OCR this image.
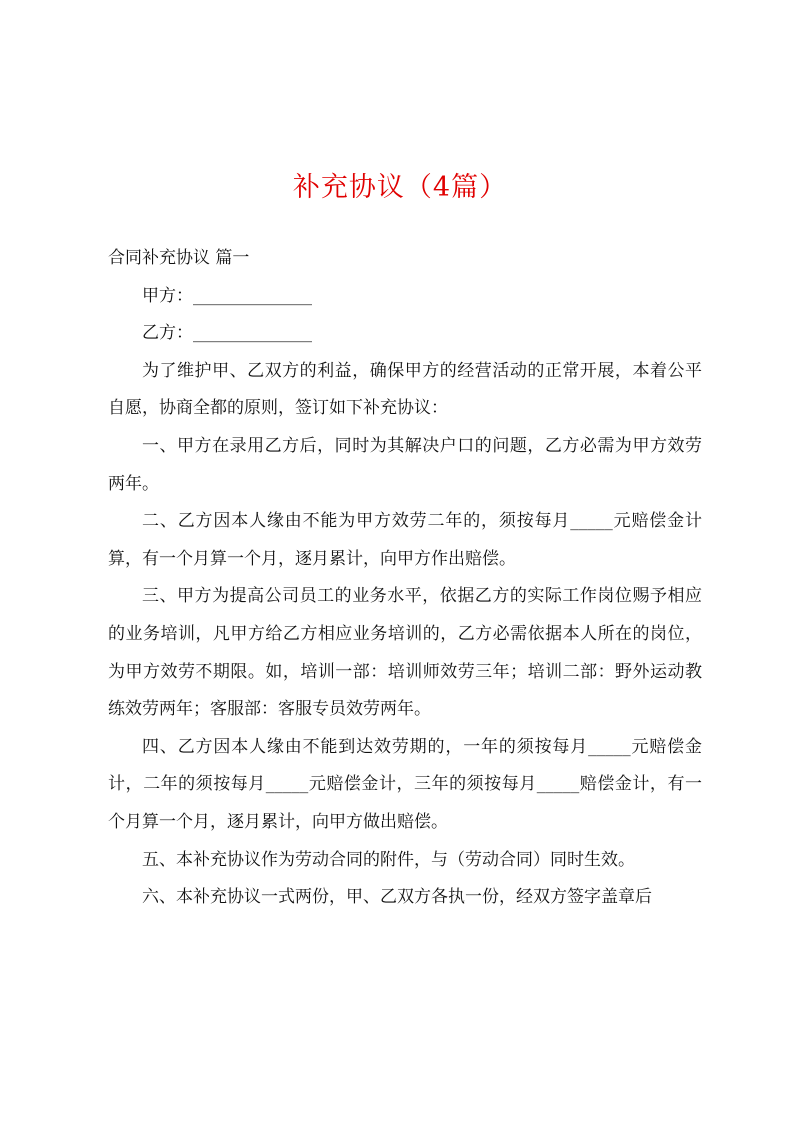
补充协议（4篇）

合同补充协议 篇一

甲方：______________

乙方：______________

为了维护甲、乙双方的利益，确保甲方的经营活动的正常开展，本着公平自愿，协商全都的原则，签订如下补充协议：

一、甲方在录用乙方后，同时为其解决户口的问题，乙方必需为甲方效劳两年。

二、乙方因本人缘由不能为甲方效劳二年的，须按每月_____元赔偿金计算，有一个月算一个月，逐月累计，向甲方作出赔偿。

三、甲方为提高公司员工的业务水平，依据乙方的实际工作岗位赐予相应的业务培训，凡甲方给乙方相应业务培训的，乙方必需依据本人所在的岗位，为甲方效劳不期限。如，培训一部：培训师效劳三年；培训二部：野外运动教练效劳两年；客服部：客服专员效劳两年。

四、乙方因本人缘由不能到达效劳期的，一年的须按每月_____元赔偿金计，二年的须按每月_____元赔偿金计，三年的须按每月_____赔偿金计，有一个月算一个月，逐月累计，向甲方做出赔偿。

五、本补充协议作为劳动合同的附件，与（劳动合同）同时生效。

六、本补充协议一式两份，甲、乙双方各执一份，经双方签字盖章后
